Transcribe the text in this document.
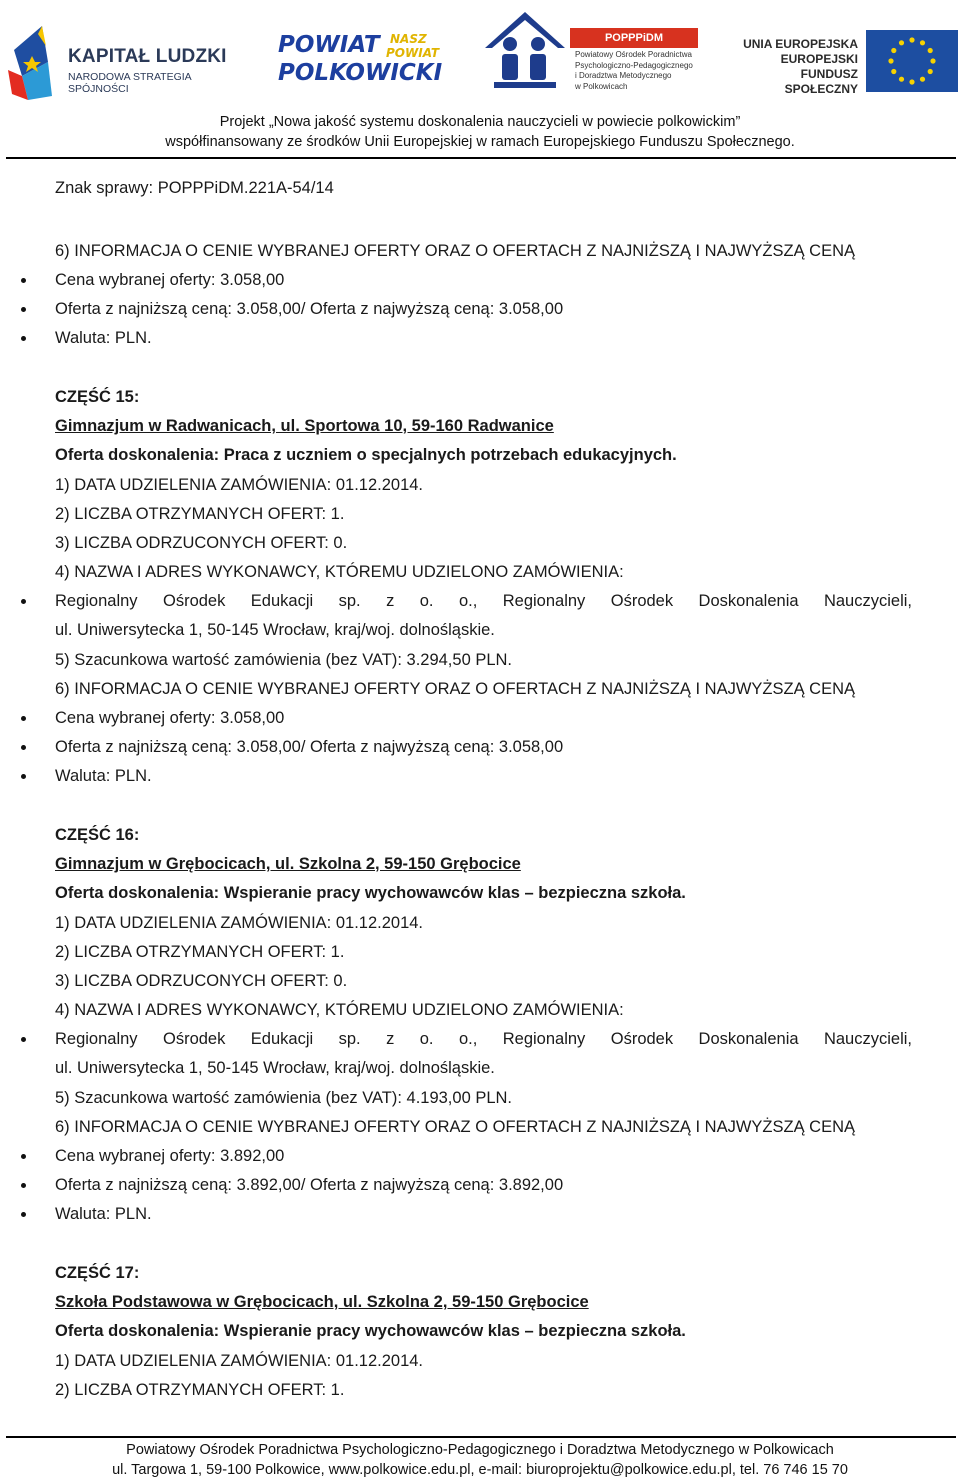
KAPITAŁ LUDZKI
NARODOWA STRATEGIA SPÓJNOŚCI
POWIAT
POLKOWICKI
NASZ
POWIAT
POPPPiDM
Powiatowy Ośrodek Poradnictwa
Psychologiczno-Pedagogicznego
i Doradztwa Metodycznego
w Polkowicach
UNIA EUROPEJSKA
EUROPEJSKI
FUNDUSZ SPOŁECZNY
Projekt „Nowa jakość systemu doskonalenia nauczycieli w powiecie polkowickim”
współfinansowany ze środków Unii Europejskiej w ramach Europejskiego Funduszu Społecznego.
Znak sprawy: POPPPiDM.221A-54/14
6) INFORMACJA O CENIE WYBRANEJ OFERTY ORAZ O OFERTACH Z NAJNIŻSZĄ I NAJWYŻSZĄ CENĄ
Cena wybranej oferty: 3.058,00
Oferta z najniższą ceną: 3.058,00/ Oferta z najwyższą ceną: 3.058,00
Waluta: PLN.
CZĘŚĆ 15:
Gimnazjum w Radwanicach, ul. Sportowa 10, 59-160 Radwanice
Oferta doskonalenia: Praca z uczniem o specjalnych potrzebach edukacyjnych.
1) DATA UDZIELENIA ZAMÓWIENIA: 01.12.2014.
2) LICZBA OTRZYMANYCH OFERT: 1.
3) LICZBA ODRZUCONYCH OFERT: 0.
4) NAZWA I ADRES WYKONAWCY, KTÓREMU UDZIELONO ZAMÓWIENIA:
Regionalny Ośrodek Edukacji sp. z o. o., Regionalny Ośrodek Doskonalenia Nauczycieli,
ul. Uniwersytecka 1, 50-145 Wrocław, kraj/woj. dolnośląskie.
5) Szacunkowa wartość zamówienia (bez VAT): 3.294,50 PLN.
6) INFORMACJA O CENIE WYBRANEJ OFERTY ORAZ O OFERTACH Z NAJNIŻSZĄ I NAJWYŻSZĄ CENĄ
Cena wybranej oferty: 3.058,00
Oferta z najniższą ceną: 3.058,00/ Oferta z najwyższą ceną: 3.058,00
Waluta: PLN.
CZĘŚĆ 16:
Gimnazjum w Grębocicach, ul. Szkolna 2, 59-150 Grębocice
Oferta doskonalenia: Wspieranie pracy wychowawców klas – bezpieczna szkoła.
1) DATA UDZIELENIA ZAMÓWIENIA: 01.12.2014.
2) LICZBA OTRZYMANYCH OFERT: 1.
3) LICZBA ODRZUCONYCH OFERT: 0.
4) NAZWA I ADRES WYKONAWCY, KTÓREMU UDZIELONO ZAMÓWIENIA:
Regionalny Ośrodek Edukacji sp. z o. o., Regionalny Ośrodek Doskonalenia Nauczycieli,
ul. Uniwersytecka 1, 50-145 Wrocław, kraj/woj. dolnośląskie.
5) Szacunkowa wartość zamówienia (bez VAT): 4.193,00 PLN.
6) INFORMACJA O CENIE WYBRANEJ OFERTY ORAZ O OFERTACH Z NAJNIŻSZĄ I NAJWYŻSZĄ CENĄ
Cena wybranej oferty: 3.892,00
Oferta z najniższą ceną: 3.892,00/ Oferta z najwyższą ceną: 3.892,00
Waluta: PLN.
CZĘŚĆ 17:
Szkoła Podstawowa w Grębocicach, ul. Szkolna 2, 59-150 Grębocice
Oferta doskonalenia: Wspieranie pracy wychowawców klas – bezpieczna szkoła.
1) DATA UDZIELENIA ZAMÓWIENIA: 01.12.2014.
2) LICZBA OTRZYMANYCH OFERT: 1.
Powiatowy Ośrodek Poradnictwa Psychologiczno-Pedagogicznego i Doradztwa Metodycznego w Polkowicach
ul. Targowa 1, 59-100 Polkowice, www.polkowice.edu.pl, e-mail: biuroprojektu@polkowice.edu.pl, tel. 76 746 15 70
